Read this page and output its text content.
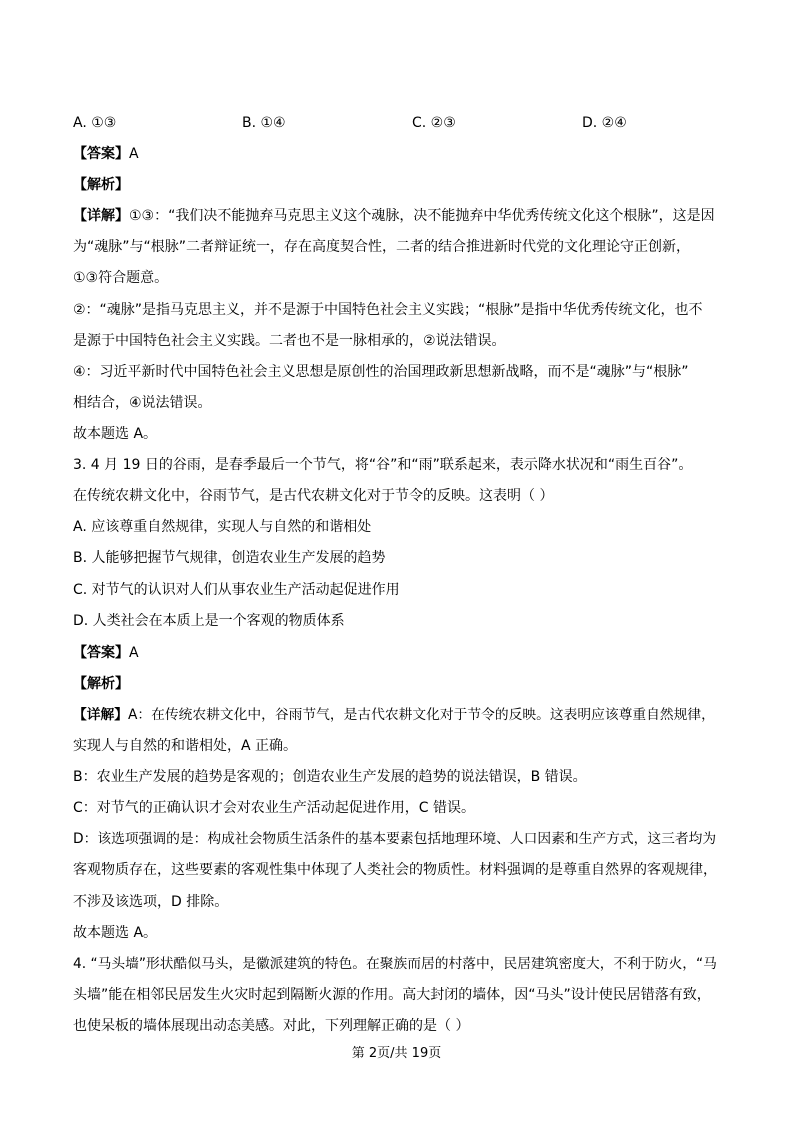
A. ①③	B. ①④	C. ②③	D. ②④
【答案】A
【解析】
【详解】①③：“我们决不能抛弃马克思主义这个魂脉，决不能抛弃中华优秀传统文化这个根脉”，这是因
为“魂脉”与“根脉”二者辩证统一，存在高度契合性，二者的结合推进新时代党的文化理论守正创新，
①③符合题意。
②：“魂脉”是指马克思主义，并不是源于中国特色社会主义实践；“根脉”是指中华优秀传统文化，也不
是源于中国特色社会主义实践。二者也不是一脉相承的，②说法错误。
④：习近平新时代中国特色社会主义思想是原创性的治国理政新思想新战略，而不是“魂脉”与“根脉”
相结合，④说法错误。
故本题选 A。
3. 4 月 19 日的谷雨，是春季最后一个节气，将“谷”和“雨”联系起来，表示降水状况和“雨生百谷”。
在传统农耕文化中，谷雨节气，是古代农耕文化对于节令的反映。这表明（ ）
A. 应该尊重自然规律，实现人与自然的和谐相处
B. 人能够把握节气规律，创造农业生产发展的趋势
C. 对节气的认识对人们从事农业生产活动起促进作用
D. 人类社会在本质上是一个客观的物质体系
【答案】A
【解析】
【详解】A：在传统农耕文化中，谷雨节气，是古代农耕文化对于节令的反映。这表明应该尊重自然规律，
实现人与自然的和谐相处，A 正确。
B：农业生产发展的趋势是客观的；创造农业生产发展的趋势的说法错误，B 错误。
C：对节气的正确认识才会对农业生产活动起促进作用，C 错误。
D：该选项强调的是：构成社会物质生活条件的基本要素包括地理环境、人口因素和生产方式，这三者均为
客观物质存在，这些要素的客观性集中体现了人类社会的物质性。材料强调的是尊重自然界的客观规律，
不涉及该选项，D 排除。
故本题选 A。
4. “马头墙”形状酷似马头，是徽派建筑的特色。在聚族而居的村落中，民居建筑密度大，不利于防火，“马
头墙”能在相邻民居发生火灾时起到隔断火源的作用。高大封闭的墙体，因“马头”设计使民居错落有致，
也使呆板的墙体展现出动态美感。对此，下列理解正确的是（ ）
第 2页/共 19页
